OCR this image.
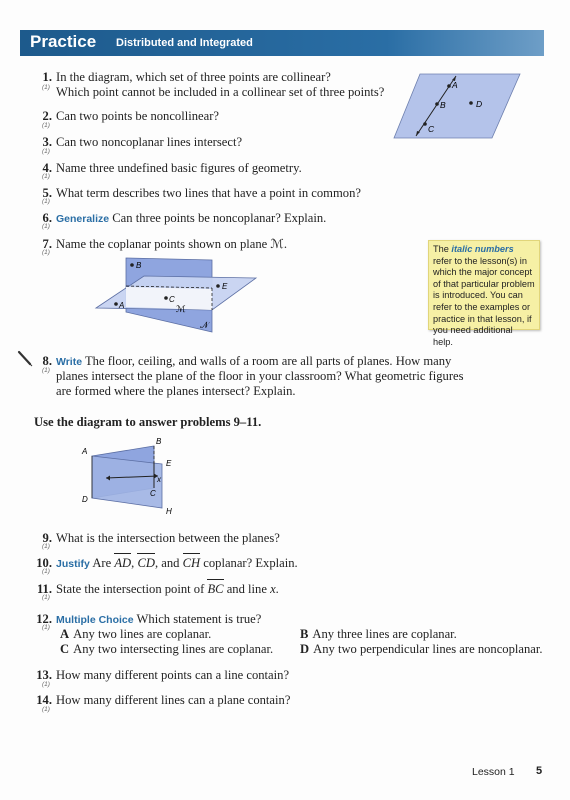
Practice Distributed and Integrated
1.
(1)
In the diagram, which set of three points are collinear?
Which point cannot be included in a collinear set of three points?	A
B
C
D
2.
(1)
Can two points be noncollinear?
3.
(1)
Can two noncoplanar lines intersect?
4.
(1)
Name three undefined basic figures of geometry.
5.
(1)
What term describes two lines that have a point in common?
6.
(1)
Generalize Can three points be noncoplanar? Explain.
7.
(1)
Name the coplanar points shown on plane ℳ.
B
E
A
C
ℳ
𝒩
The italic numbers refer to the lesson(s) in which the major concept of that particular problem is introduced. You can refer to the examples or practice in that lesson, if you need additional help.
8.
(1)
Write The floor, ceiling, and walls of a room are all parts of planes. How many
planes intersect the plane of the floor in your classroom? What geometric figures
are formed where the planes intersect? Explain.
Use the diagram to answer problems 9–11.
A
B
E
x
C
D
H
9.
(1)
What is the intersection between the planes?
10.
(1)
Justify Are AD, CD, and CH coplanar? Explain.
11.
(1)
State the intersection point of BC and line x.
12.
(1)
Multiple Choice Which statement is true?
A Any two lines are coplanar.	B Any three lines are coplanar.
C Any two intersecting lines are coplanar. D Any two perpendicular lines are noncoplanar.
13.
(1)
How many different points can a line contain?
14.
(1)
How many different lines can a plane contain?
Lesson 1 5
